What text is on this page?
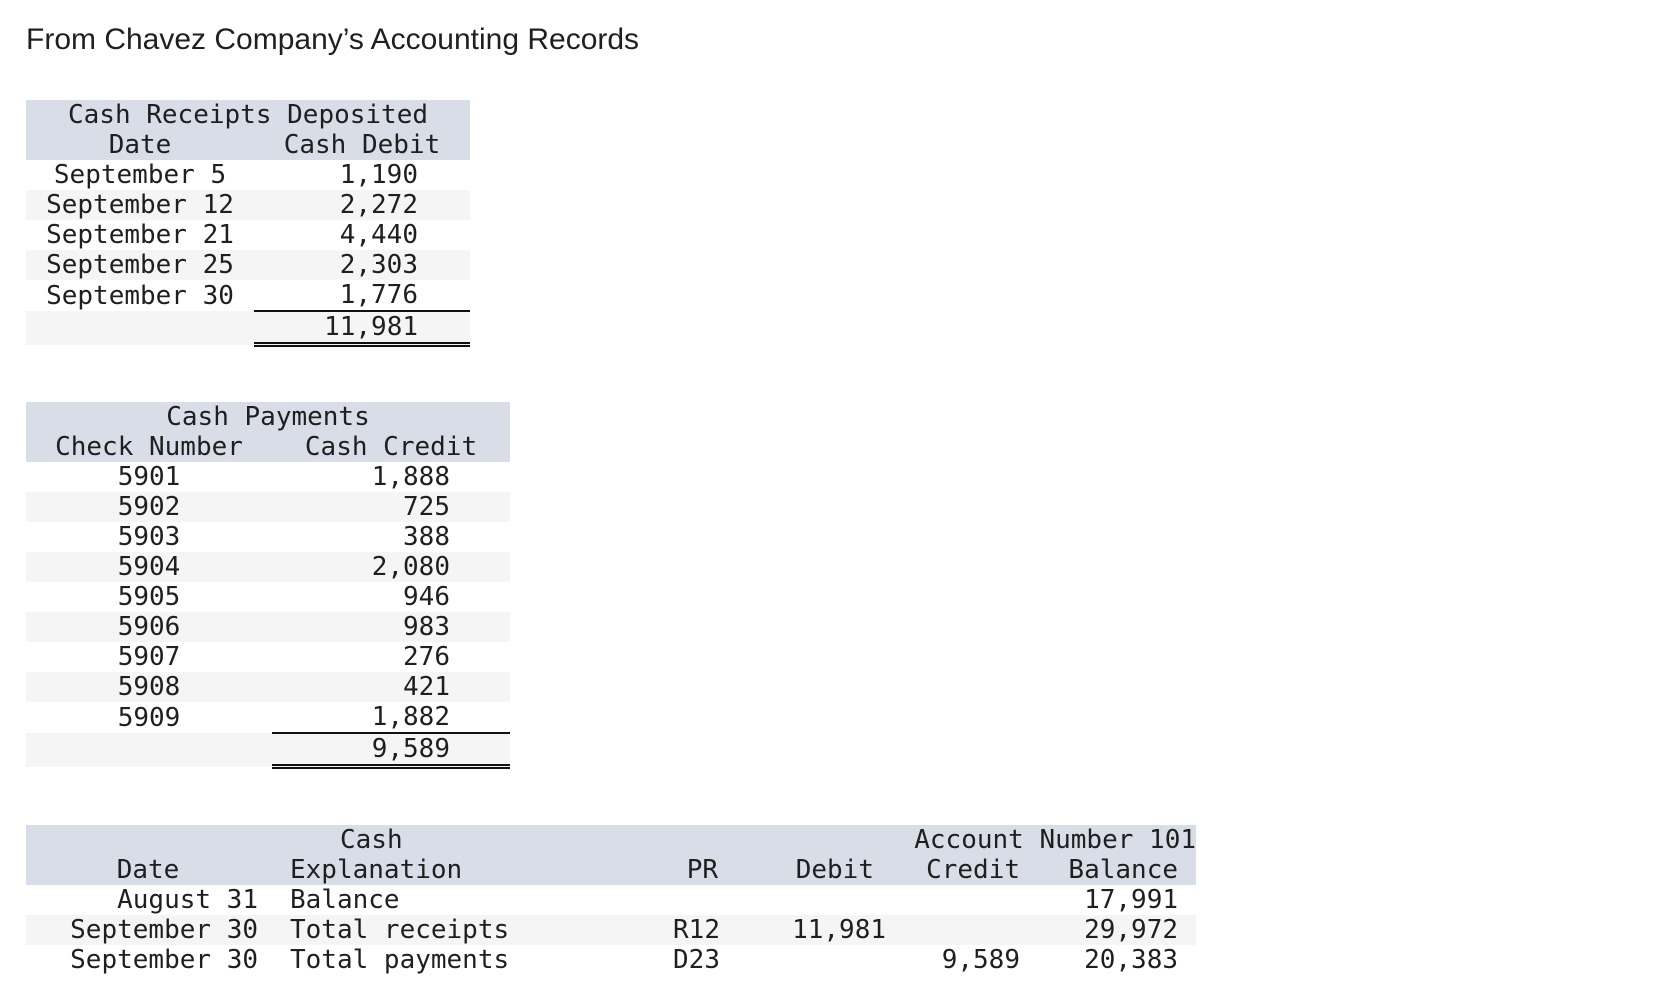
From Chavez Company’s Accounting Records
Cash Receipts Deposited	
Date	Cash Debit
September 5	1,190
September 12	2,272
September 21	4,440
September 25	2,303
September 30	1,776
	11,981
Cash Payments	
Check Number	Cash Credit
5901	1,888
5902	725
5903	388
5904	2,080
5905	946
5906	983
5907	276
5908	421
5909	1,882
	9,589
	Cash			Account Number 101	
Date	Explanation	PR	Debit	Credit	Balance
August 31	Balance				17,991
September 30	Total receipts	R12	11,981		29,972
September 30	Total payments	D23		9,589	20,383
